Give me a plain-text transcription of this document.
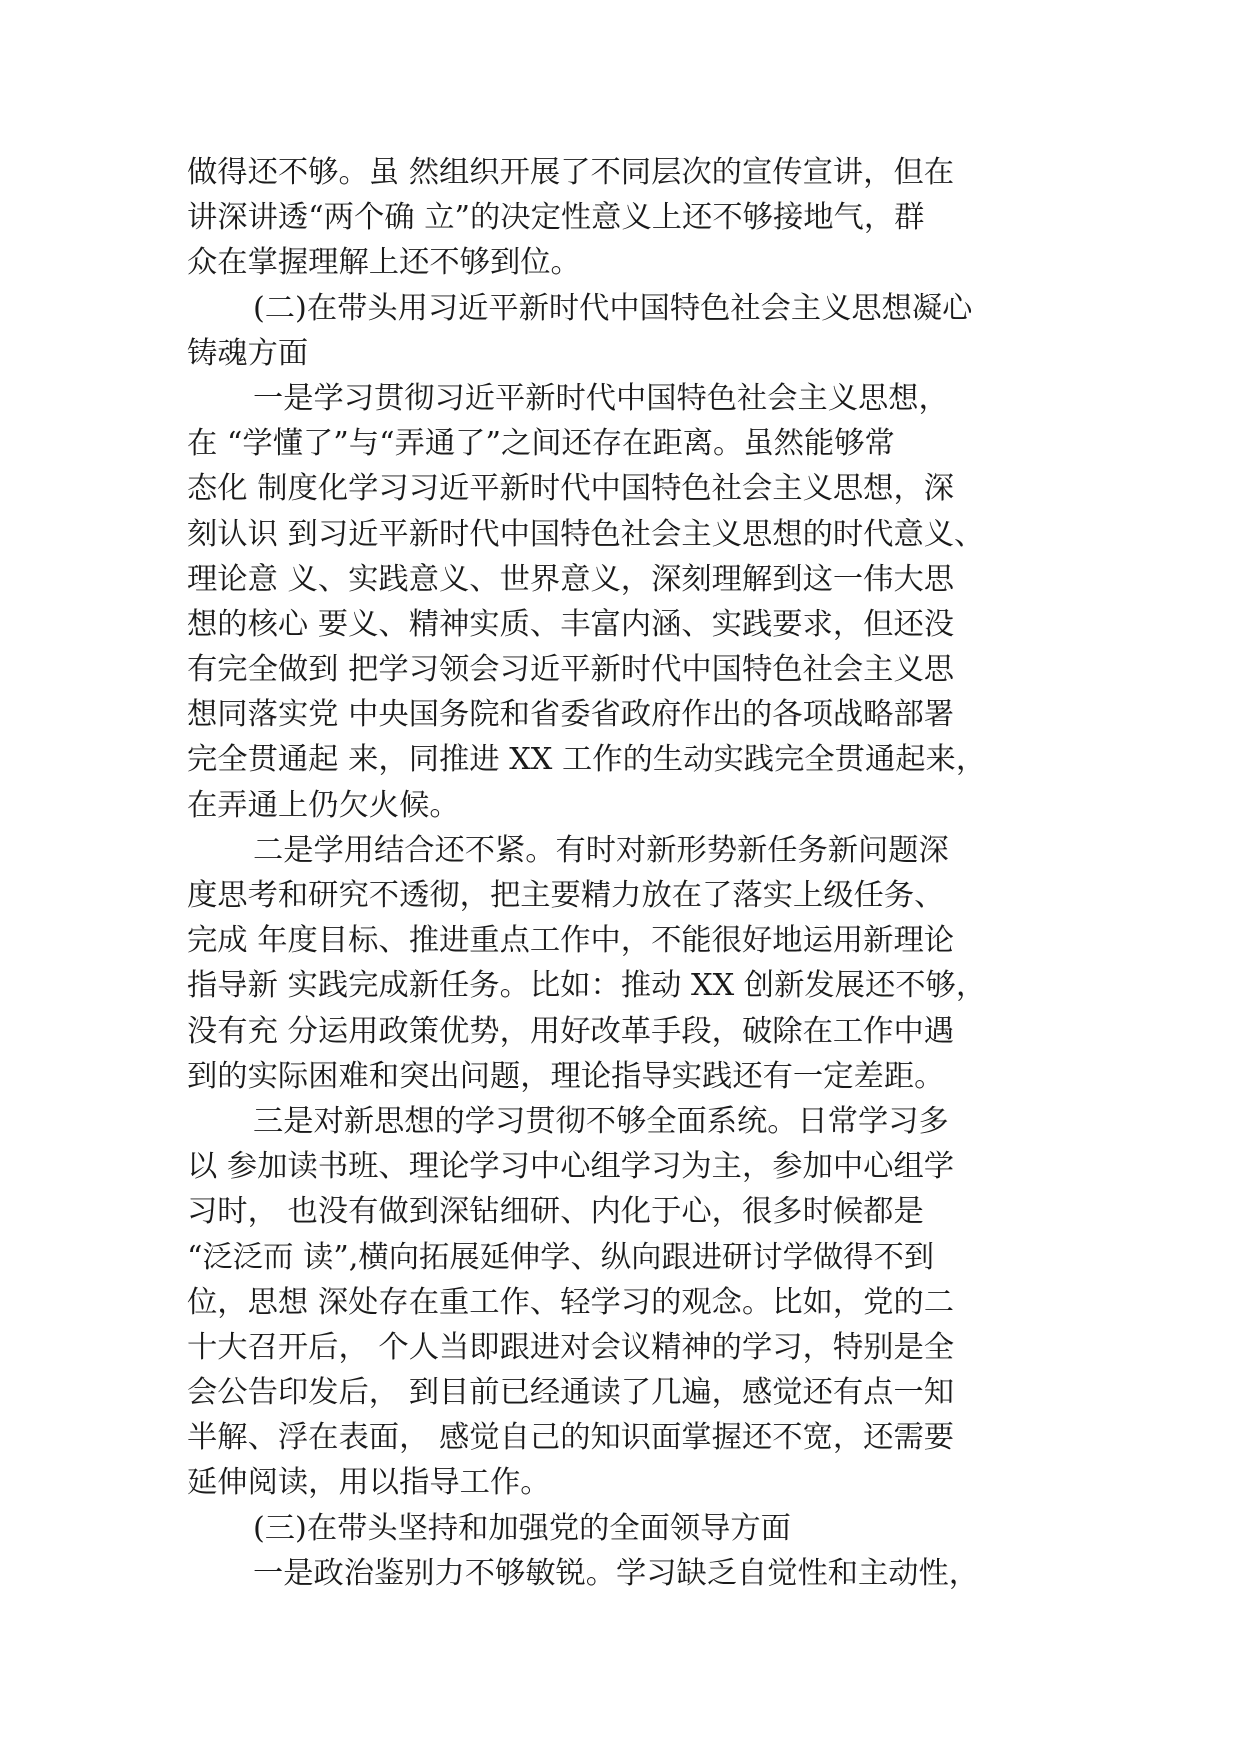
做得还不够。虽 然组织开展了不同层次的宣传宣讲，但在
讲深讲透“两个确 立”的决定性意义上还不够接地气，群
众在掌握理解上还不够到位。
(二)在带头用习近平新时代中国特色社会主义思想凝心
铸魂方面
一是学习贯彻习近平新时代中国特色社会主义思想，
在 “学懂了”与“弄通了”之间还存在距离。虽然能够常
态化 制度化学习习近平新时代中国特色社会主义思想，深
刻认识 到习近平新时代中国特色社会主义思想的时代意义、
理论意 义、实践意义、世界意义，深刻理解到这一伟大思
想的核心 要义、精神实质、丰富内涵、实践要求，但还没
有完全做到 把学习领会习近平新时代中国特色社会主义思
想同落实党 中央国务院和省委省政府作出的各项战略部署
完全贯通起 来，同推进 XX 工作的生动实践完全贯通起来，
在弄通上仍欠火候。
二是学用结合还不紧。有时对新形势新任务新问题深
度思考和研究不透彻，把主要精力放在了落实上级任务、
完成 年度目标、推进重点工作中，不能很好地运用新理论
指导新 实践完成新任务。比如：推动 XX 创新发展还不够，
没有充 分运用政策优势，用好改革手段，破除在工作中遇
到的实际困难和突出问题，理论指导实践还有一定差距。
三是对新思想的学习贯彻不够全面系统。日常学习多
以 参加读书班、理论学习中心组学习为主，参加中心组学
习时， 也没有做到深钻细研、内化于心，很多时候都是
“泛泛而 读”,横向拓展延伸学、纵向跟进研讨学做得不到
位，思想 深处存在重工作、轻学习的观念。比如，党的二
十大召开后， 个人当即跟进对会议精神的学习，特别是全
会公告印发后， 到目前已经通读了几遍，感觉还有点一知
半解、浮在表面， 感觉自己的知识面掌握还不宽，还需要
延伸阅读，用以指导工作。
(三)在带头坚持和加强党的全面领导方面
一是政治鉴别力不够敏锐。学习缺乏自觉性和主动性，
